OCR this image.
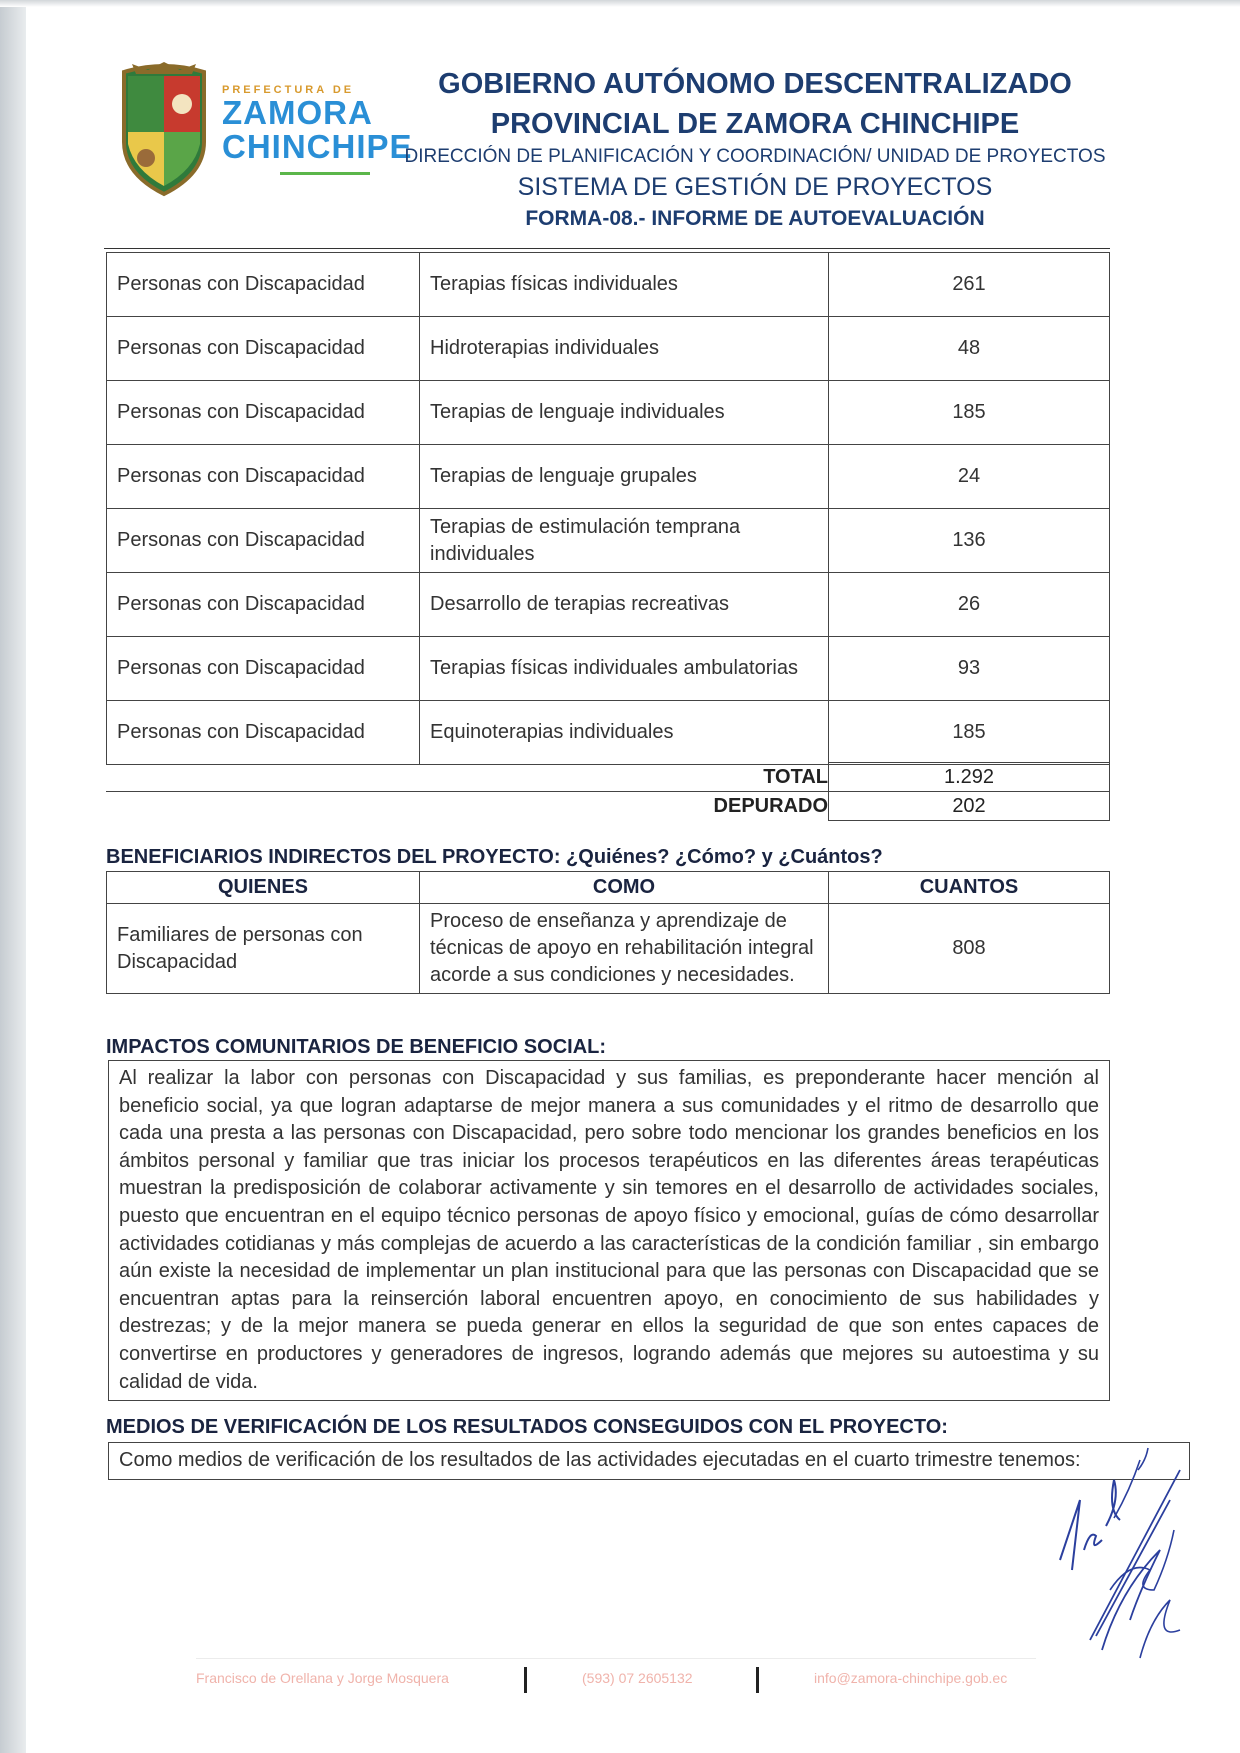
PREFECTURA DE
ZAMORA
CHINCHIPE
GOBIERNO AUTÓNOMO DESCENTRALIZADO
PROVINCIAL DE ZAMORA CHINCHIPE
DIRECCIÓN DE PLANIFICACIÓN Y COORDINACIÓN/ UNIDAD DE PROYECTOS
SISTEMA DE GESTIÓN DE PROYECTOS
FORMA-08.- INFORME DE AUTOEVALUACIÓN
Personas con Discapacidad	Terapias físicas individuales	261
Personas con Discapacidad	Hidroterapias individuales	48
Personas con Discapacidad	Terapias de lenguaje individuales	185
Personas con Discapacidad	Terapias de lenguaje grupales	24
Personas con Discapacidad	Terapias de estimulación temprana individuales	136
Personas con Discapacidad	Desarrollo de terapias recreativas	26
Personas con Discapacidad	Terapias físicas individuales ambulatorias	93
Personas con Discapacidad	Equinoterapias individuales	185
TOTAL	1.292
DEPURADO	202
BENEFICIARIOS INDIRECTOS DEL PROYECTO: ¿Quiénes? ¿Cómo? y ¿Cuántos?
QUIENES	COMO	CUANTOS
Familiares de personas con Discapacidad	Proceso de enseñanza y aprendizaje de técnicas de apoyo en rehabilitación integral acorde a sus condiciones y necesidades.	808
IMPACTOS COMUNITARIOS DE BENEFICIO SOCIAL:
Al realizar la labor con personas con Discapacidad y sus familias, es preponderante hacer mención al beneficio social, ya que logran adaptarse de mejor manera a sus comunidades y el ritmo de desarrollo que cada una presta a las personas con Discapacidad, pero sobre todo mencionar los grandes beneficios en los ámbitos personal y familiar que tras iniciar los procesos terapéuticos en las diferentes áreas terapéuticas muestran la predisposición de colaborar activamente y sin temores en el desarrollo de actividades sociales, puesto que encuentran en el equipo técnico personas de apoyo físico y emocional, guías de cómo desarrollar actividades cotidianas y más complejas de acuerdo a las características de la condición familiar , sin embargo aún existe la necesidad de implementar un plan institucional para que las personas con Discapacidad que se encuentran aptas para la reinserción laboral encuentren apoyo, en conocimiento de sus habilidades y destrezas; y de la mejor manera se pueda generar en ellos la seguridad de que son entes capaces de convertirse en productores y generadores de ingresos, logrando además que mejores su autoestima y su calidad de vida.
MEDIOS DE VERIFICACIÓN DE LOS RESULTADOS CONSEGUIDOS CON EL PROYECTO:
Como medios de verificación de los resultados de las actividades ejecutadas en el cuarto trimestre tenemos:
Francisco de Orellana y Jorge Mosquera	(593) 07 2605132	info@zamora-chinchipe.gob.ec
